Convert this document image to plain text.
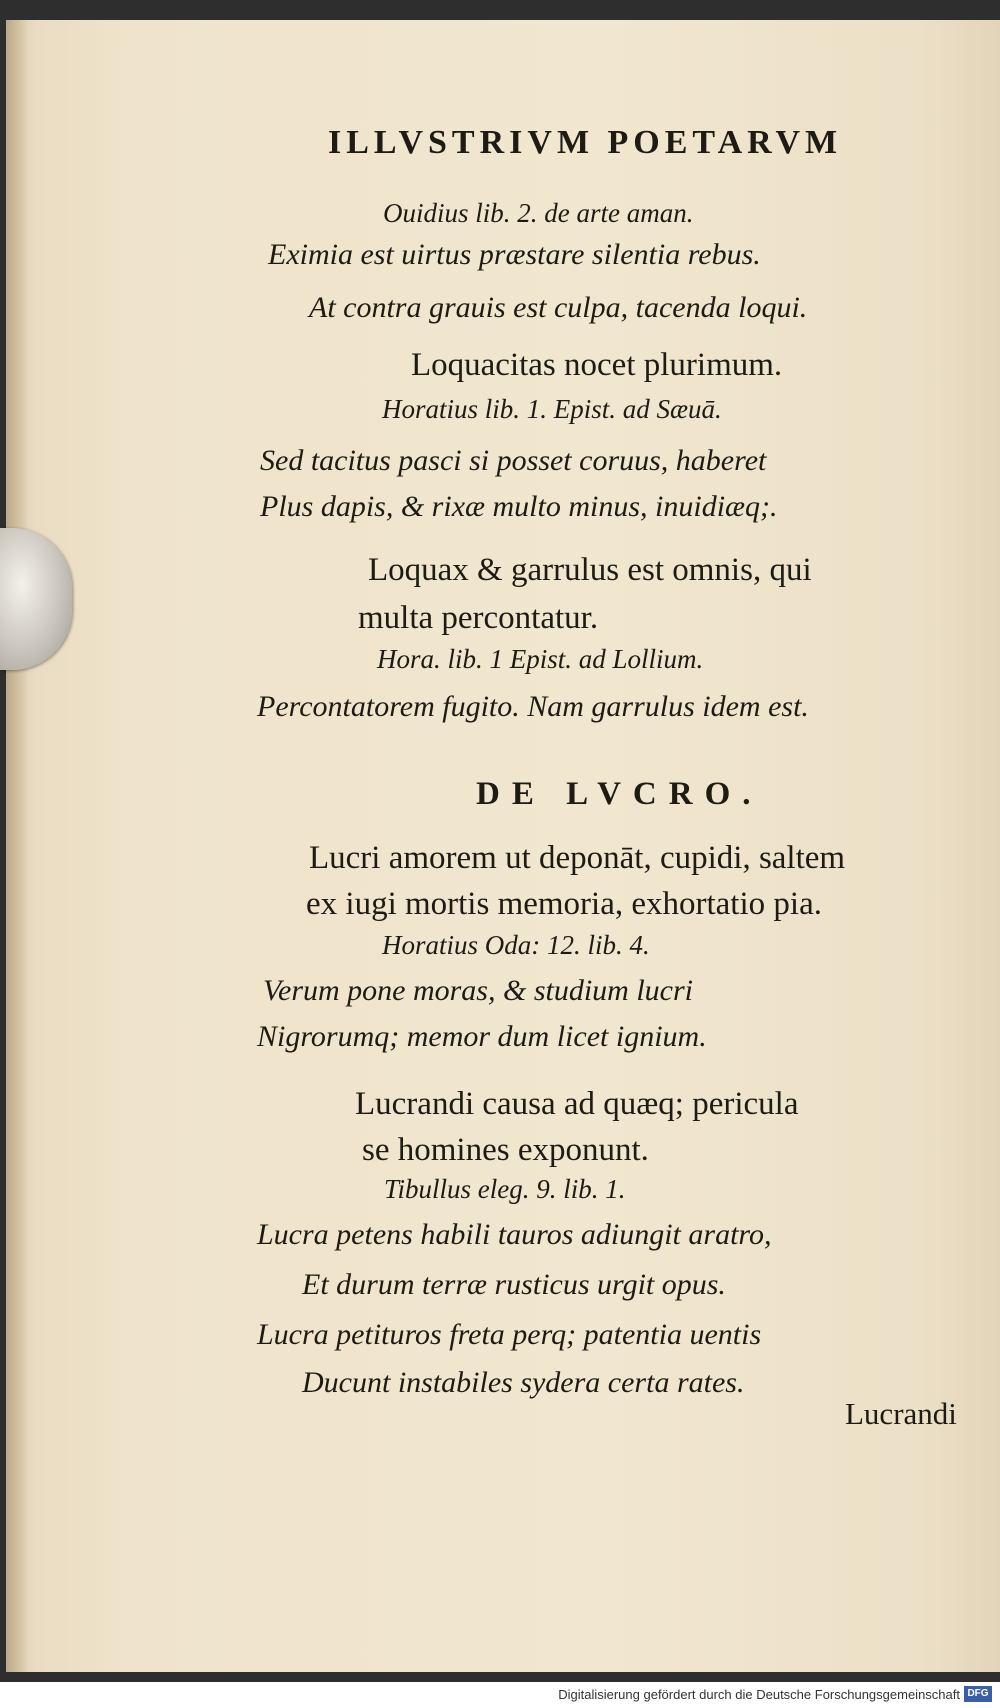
ILLVSTRIVM POETARVM
Ouidius lib. 2. de arte aman.
Eximia est uirtus præstare silentia rebus.
At contra grauis est culpa, tacenda loqui.
Loquacitas nocet plurimum.
Horatius lib. 1. Epist. ad Sæuā.
Sed tacitus pasci si posset coruus, haberet
Plus dapis, & rixæ multo minus, inuidiæq;.
Loquax & garrulus est omnis, qui
multa percontatur.
Hora. lib. 1 Epist. ad Lollium.
Percontatorem fugito. Nam garrulus idem est.
DE LVCRO.
Lucri amorem ut deponāt, cupidi, saltem
ex iugi mortis memoria, exhortatio pia.
Horatius Oda: 12. lib. 4.
Verum pone moras, & studium lucri
Nigrorumq; memor dum licet ignium.
Lucrandi causa ad quæq; pericula
se homines exponunt.
Tibullus eleg. 9. lib. 1.
Lucra petens habili tauros adiungit aratro,
Et durum terræ rusticus urgit opus.
Lucra petituros freta perq; patentia uentis
Ducunt instabiles sydera certa rates.
Lucrandi
Digitalisierung gefördert durch die Deutsche Forschungsgemeinschaft DFG
